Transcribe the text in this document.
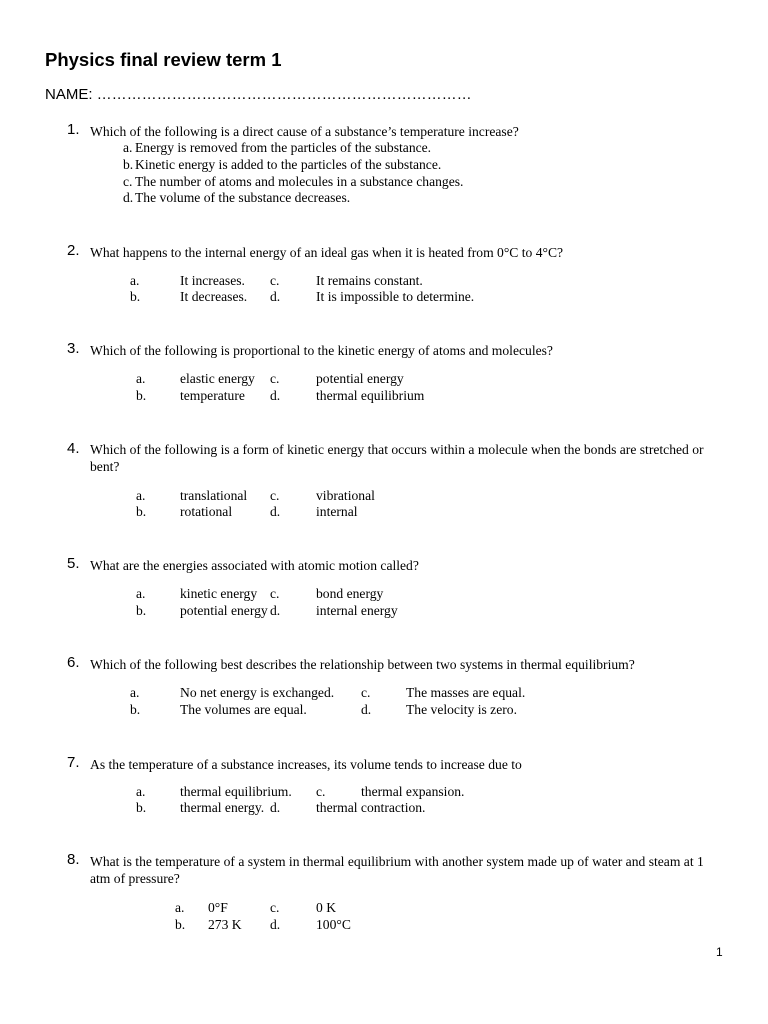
Physics final review term 1
NAME: …………………………………………………………………
1. Which of the following is a direct cause of a substance’s temperature increase?
a. Energy is removed from the particles of the substance.
b. Kinetic energy is added to the particles of the substance.
c. The number of atoms and molecules in a substance changes.
d. The volume of the substance decreases.
2. What happens to the internal energy of an ideal gas when it is heated from 0°C to 4°C?
a.	It increases. c.	It remains constant.
b.	It decreases. d.	It is impossible to determine.
3. Which of the following is proportional to the kinetic energy of atoms and molecules?
a.	elastic energy c.	potential energy
b. temperature d.	thermal equilibrium
4. Which of the following is a form of kinetic energy that occurs within a molecule when the bonds are stretched or bent?
a.	translational c.	vibrational
b. rotational	d.	internal
5. What are the energies associated with atomic motion called?
a.	kinetic energy c.	bond energy
b. potential energy d.	internal energy
6. Which of the following best describes the relationship between two systems in thermal equilibrium?
a.	No net energy is exchanged. c.	The masses are equal.
b.	The volumes are equal.	d.	The velocity is zero.
7. As the temperature of a substance increases, its volume tends to increase due to
a.	thermal equilibrium. c.	thermal expansion.
b. thermal energy. d.	thermal contraction.
8. What is the temperature of a system in thermal equilibrium with another system made up of water and steam at 1 atm of pressure?
a. 0°F	c.	0 K
b. 273 K d.	100°C
1
